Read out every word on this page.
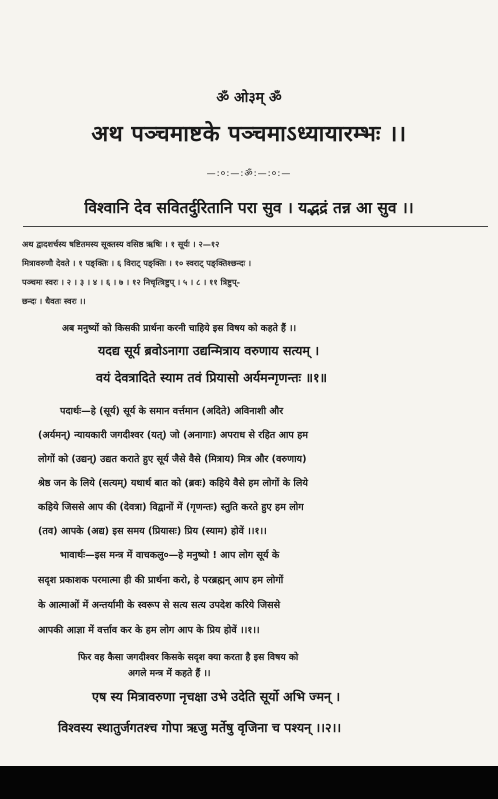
ॐ ओ३म् ॐ
अथ पञ्चमाष्टके पञ्चमाऽध्यायारम्भः ।।
—:०:—:ॐ:—:०:—
विश्वानि देव सवितर्दुरितानि परा सुव । यद्भद्रं तन्न आ सुव ।।
अथ द्वादशर्चस्य षष्टितमस्य सूक्तस्य वसिष्ठ ऋषिः । १ सूर्यः । २—१२
मित्रावरुणौ देवते । १ पङ्क्तिः । ६ विराट् पङ्क्तिः । १० स्वराट् पङ्क्तिश्छन्दः ।
पञ्चमः स्वरः । २ । ३ । ४ । ६ । ७ । १२ निचृत्त्रिष्टुप् । ५ । ८ । ११ त्रिष्टुप्-
छन्दः । धैवतः स्वरः ।।
अब मनुष्यों को किसकी प्रार्थना करनी चाहिये इस विषय को कहते हैं ।।
यदद्य सूर्य ब्रवोऽनागा उद्यन्मित्राय वरुणाय सत्यम् ।
वयं देवत्रादिते स्याम तवं प्रियासो अर्यमन्गृणन्तः ॥१॥
पदार्थः—हे (सूर्य) सूर्य के समान वर्त्तमान (अदिते) अविनाशी और
(अर्यमन्) न्यायकारी जगदीश्वर (यत्) जो (अनागाः) अपराध से रहित आप हम
लोगों को (उद्यन्) उद्यत कराते हुए सूर्य जैसे वैसे (मित्राय) मित्र और (वरुणाय)
श्रेष्ठ जन के लिये (सत्यम्) यथार्थ बात को (ब्रवः) कहिये वैसे हम लोगों के लिये
कहिये जिससे आप की (देवत्रा) विद्वानों में (गृणन्तः) स्तुति करते हुए हम लोग
(तव) आपके (अद्य) इस समय (प्रियासः) प्रिय (स्याम) होवें ।।१।।
भावार्थः—इस मन्त्र में वाचकलु०—हे मनुष्यो ! आप लोग सूर्य के
सदृश प्रकाशक परमात्मा ही की प्रार्थना करो, हे परब्रह्मन् आप हम लोगों
के आत्माओं में अन्तर्यामी के स्वरूप से सत्य सत्य उपदेश करिये जिससे
आपकी आज्ञा में वर्त्ताव कर के हम लोग आप के प्रिय होवें ।।१।।
फिर वह कैसा जगदीश्वर किसके सदृश क्या करता है इस विषय को
अगले मन्त्र में कहते हैं ।।
एष स्य मित्रावरुणा नृचक्षा उभे उदेति सूर्यो अभि ज्मन् ।
विश्वस्य स्थातुर्जगतश्च गोपा ऋजु मर्तेषु वृजिना च पश्यन् ।।२।।
